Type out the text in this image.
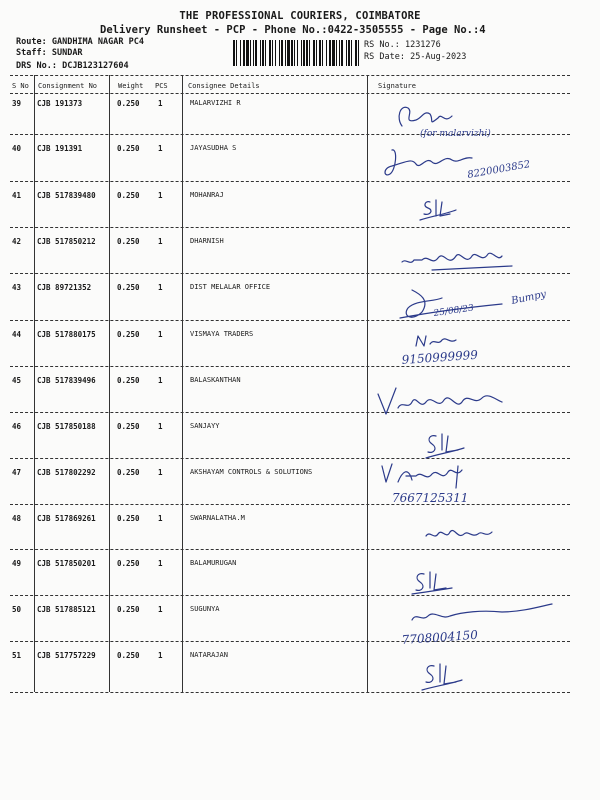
THE PROFESSIONAL COURIERS, COIMBATORE
Delivery Runsheet - PCP - Phone No.:0422-3505555 - Page No.:4
Route: GANDHIMA NAGAR PC4
Staff: SUNDAR
DRS No.: DCJB123127604
RS No.: 1231276
RS Date: 25-Aug-2023
S No Consignment No	Weight PCS	Consignee Details	Signature
39 CJB 191373	0.250 1	MALARVIZHI R
40 CJB 191391	0.250 1	JAYASUDHA S
41 CJB 517839480	0.250 1	MOHANRAJ
42 CJB 517850212	0.250 1	DHARNISH
43 CJB 89721352	0.250 1	DIST MELALAR OFFICE
44 CJB 517880175	0.250 1	VISMAYA TRADERS
45 CJB 517839496	0.250 1	BALASKANTHAN
46 CJB 517850188	0.250 1	SANJAYY
47 CJB 517802292	0.250 1	AKSHAYAM CONTROLS & SOLUTIONS
48 CJB 517869261	0.250 1	SWARNALATHA.M
49 CJB 517850201	0.250 1	BALAMURUGAN
50 CJB 517885121	0.250 1	SUGUNYA
51 CJB 517757229	0.250 1	NATARAJAN
(for malarvizhi)
8220003852
25/08/23
Bumpy
9150999999
7667125311
7708004150
